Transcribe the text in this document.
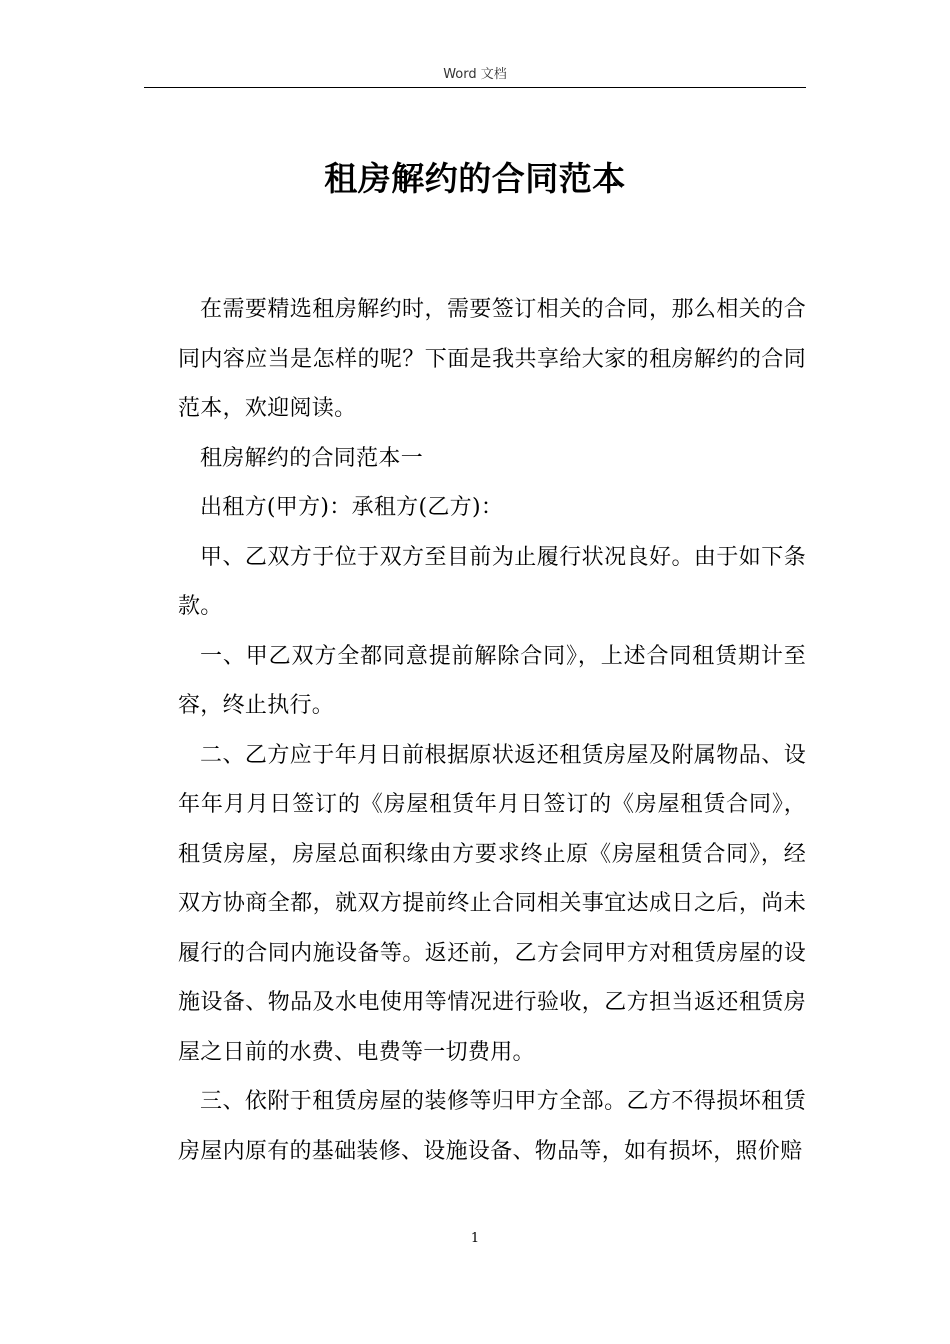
Word 文档
租房解约的合同范本

在需要精选租房解约时，需要签订相关的合同，那么相关的合同内容应当是怎样的呢？下面是我共享给大家的租房解约的合同范本，欢迎阅读。

租房解约的合同范本一

出租方(甲方)：承租方(乙方)：

甲、乙双方于位于双方至目前为止履行状况良好。由于如下条款。

一、甲乙双方全都同意提前解除合同》，上述合同租赁期计至容，终止执行。

二、乙方应于年月日前根据原状返还租赁房屋及附属物品、设年年月月日签订的《房屋租赁年月日签订的《房屋租赁合同》，租赁房屋，房屋总面积缘由方要求终止原《房屋租赁合同》，经双方协商全都，就双方提前终止合同相关事宜达成日之后，尚未履行的合同内施设备等。返还前，乙方会同甲方对租赁房屋的设施设备、物品及水电使用等情况进行验收，乙方担当返还租赁房屋之日前的水费、电费等一切费用。

三、依附于租赁房屋的装修等归甲方全部。乙方不得损坏租赁房屋内原有的基础装修、设施设备、物品等，如有损坏，照价赔

1
